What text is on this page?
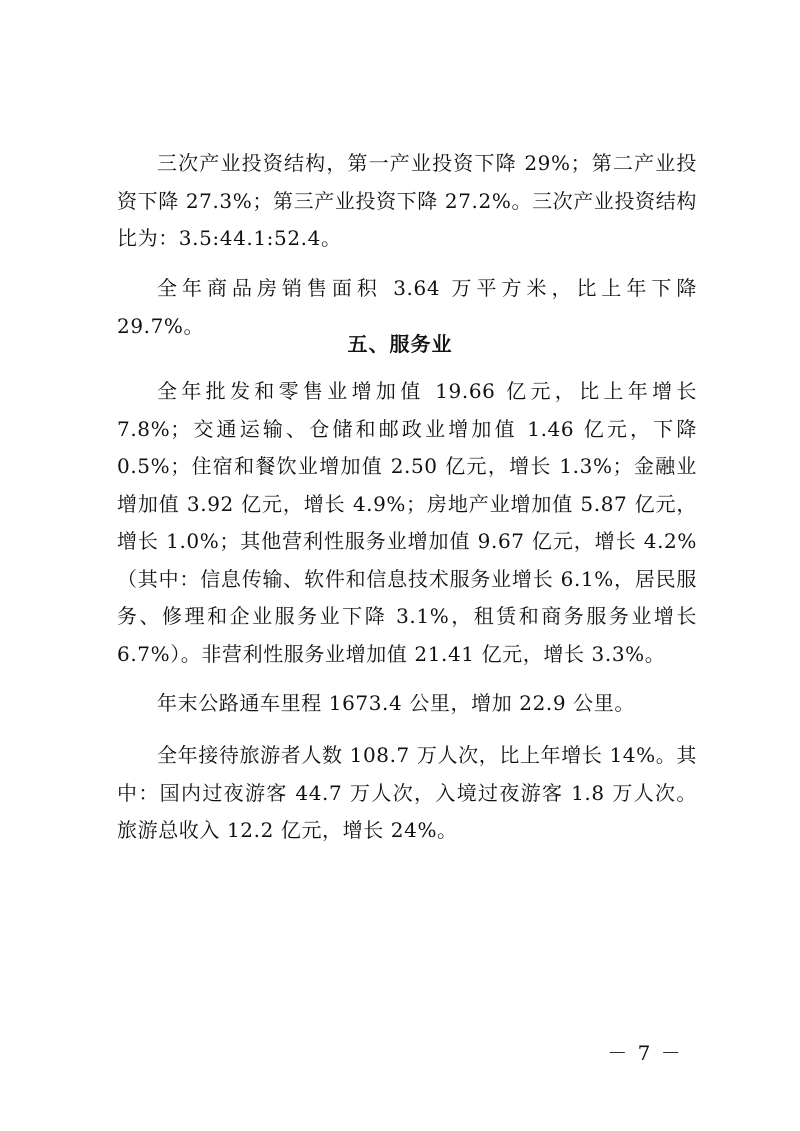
三次产业投资结构，第一产业投资下降 29%；第二产业投资下降 27.3%；第三产业投资下降 27.2%。三次产业投资结构比为：3.5:44.1:52.4。

全年商品房销售面积 3.64 万平方米，比上年下降 29.7%。

五、服务业

全年批发和零售业增加值 19.66 亿元，比上年增长 7.8%；交通运输、仓储和邮政业增加值 1.46 亿元，下降 0.5%；住宿和餐饮业增加值 2.50 亿元，增长 1.3%；金融业增加值 3.92 亿元，增长 4.9%；房地产业增加值 5.87 亿元，增长 1.0%；其他营利性服务业增加值 9.67 亿元，增长 4.2%（其中：信息传输、软件和信息技术服务业增长 6.1%，居民服务、修理和企业服务业下降 3.1%，租赁和商务服务业增长 6.7%）。非营利性服务业增加值 21.41 亿元，增长 3.3%。

年末公路通车里程 1673.4 公里，增加 22.9 公里。

全年接待旅游者人数 108.7 万人次，比上年增长 14%。其中：国内过夜游客 44.7 万人次，入境过夜游客 1.8 万人次。旅游总收入 12.2 亿元，增长 24%。

－ 7 －
